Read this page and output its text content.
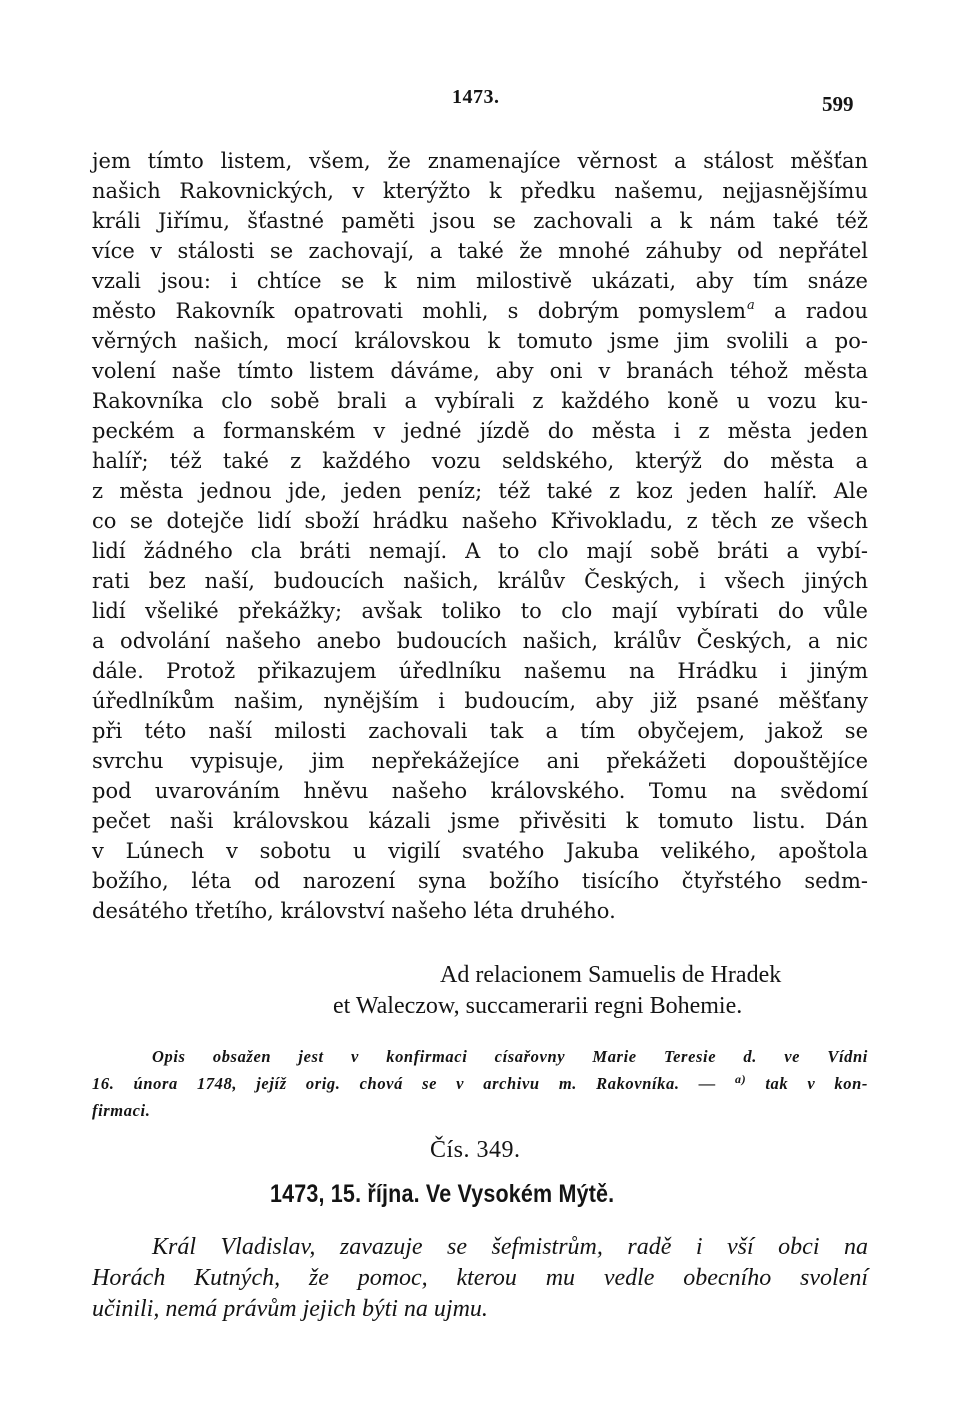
1473.	599
jem tímto listem, všem, že znamenajíce věrnost a stálost měšťan
našich Rakovnických, v kterýžto k předku našemu, nejjasnějšímu
králi Jiřímu, šťastné paměti jsou se zachovali a k nám také též
více v stálosti se zachovají, a také že mnohé záhuby od nepřátel
vzali jsou: i chtíce se k nim milostivě ukázati, aby tím snáze
město Rakovník opatrovati mohli, s dobrým pomyslem$^a$ a radou
věrných našich, mocí královskou k tomuto jsme jim svolili a po-
volení naše tímto listem dáváme, aby oni v branách téhož města
Rakovníka clo sobě brali a vybírali z každého koně u vozu ku-
peckém a formanském v jedné jízdě do města i z města jeden
halíř; též také z každého vozu seldského, kterýž do města a
z města jednou jde, jeden peníz; též také z koz jeden halíř. Ale
co se dotejče lidí sboží hrádku našeho Křivokladu, z těch ze všech
lidí žádného cla bráti nemají. A to clo mají sobě bráti a vybí-
rati bez naší, budoucích našich, králův Českých, i všech jiných
lidí všeliké překážky; avšak toliko to clo mají vybírati do vůle
a odvolání našeho anebo budoucích našich, králův Českých, a nic
dále. Protož přikazujem úředlníku našemu na Hrádku i jiným
úředlníkům našim, nynějším i budoucím, aby již psané měšťany
při této naší milosti zachovali tak a tím obyčejem, jakož se
svrchu vypisuje, jim nepřekážejíce ani překážeti dopouštějíce
pod uvarováním hněvu našeho královského. Tomu na svědomí
pečet naši královskou kázali jsme přivěsiti k tomuto listu. Dán
v Lúnech v sobotu u vigilí svatého Jakuba velikého, apoštola
božího, léta od narození syna božího tisícího čtyřstého sedm-
desátého třetího, království našeho léta druhého.
Ad relacionem Samuelis de Hradek
et Waleczow, succamerarii regni Bohemie.
Opis obsažen jest v konfirmaci císařovny Marie Teresie d. ve Vídni
16. února 1748, jejíž orig. chová se v archivu m. Rakovníka. — $^{a)}$ tak v kon-
firmaci.
Čís. 349.
1473, 15. října. Ve Vysokém Mýtě.
Král Vladislav, zavazuje se šefmistrům, radě i vší obci na
Horách Kutných, že pomoc, kterou mu vedle obecního svolení
učinili, nemá právům jejich býti na ujmu.
